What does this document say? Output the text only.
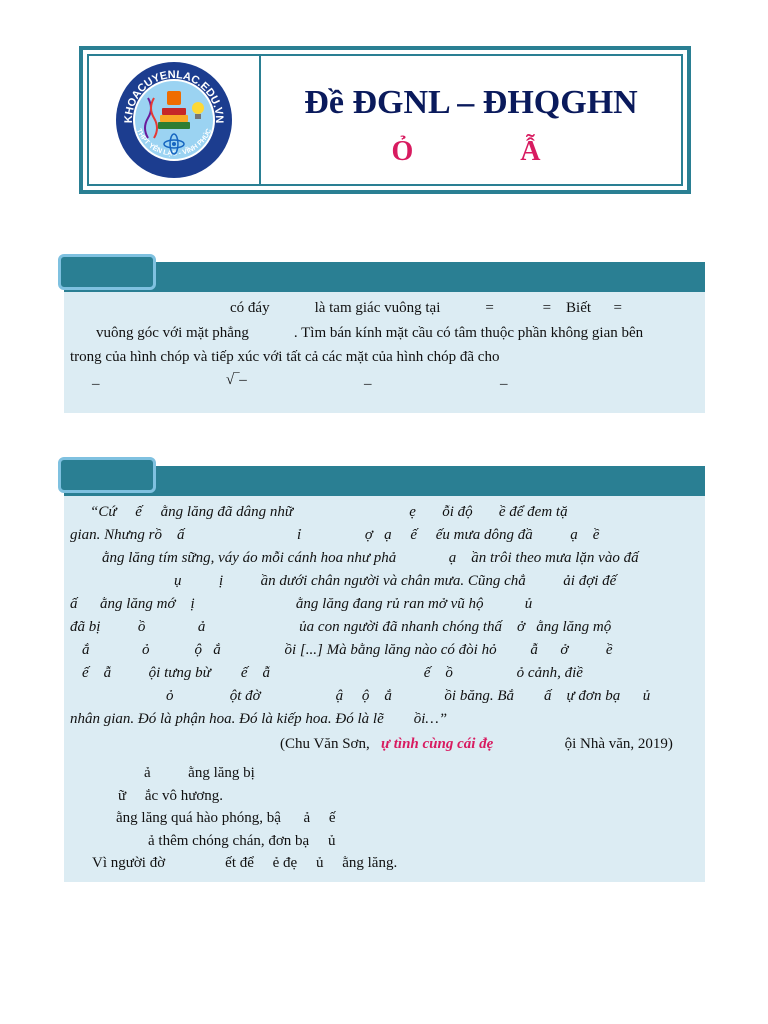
KHOACUYENLAC.EDU.VN
THPT YÊN LẠC - VĨNH PHÚC
Đề ĐGNL – ĐHQGHN
Ỏ Ẫ
có đáy            là tam giác vuông tại            =             =    Biết      =
vuông góc với mặt phẳng            . Tìm bán kính mặt cầu có tâm thuộc phần không gian bên
trong của hình chóp và tiếp xúc với tất cả các mặt của hình chóp đã cho
–	√‾–	–	–
“Cứ     ế     ằng lăng đã dâng nhữ                               ẹ       ỗi độ       ề để đem tặ
gian. Nhưng rồ    ấ                              ỉ                 ợ   ạ     ế     ếu mưa dông đầ          ạ    ề
ằng lăng tím sững, váy áo mỗi cánh hoa như phả              ạ    ần trôi theo mưa lặn vào đấ
ụ          ị          ần dưới chân người và chân mưa. Cũng chẳ          ải đợi đế
ấ      ằng lăng mớ    ị                           ằng lăng đang rủ ran mở vũ hộ           ủ
đã bị          ồ              ả                         ủa con người đã nhanh chóng thấ    ở   ằng lăng mộ
ắ              ỏ            ộ   ắ                 ồi [...] Mà bằng lăng nào có đòi hỏ         ẫ      ở          ề
ế    ẫ          ội tưng bừ        ế    ẫ                                         ế    ồ                 ỏ cảnh, điề
ỏ               ột đờ                    ậ     ộ    ắ              ồi băng. Bắ        ấ    ự đơn bạ      ủ
nhân gian. Đó là phận hoa. Đó là kiếp hoa. Đó là lẽ        ồi…”
(Chu Văn Sơn, ự tình cùng cái đẹ	ội Nhà văn, 2019)
ả          ằng lăng bị
ữ     ắc vô hương.
ằng lăng quá hào phóng, bậ      ả     ế
ả thêm chóng chán, đơn bạ     ủ
Vì người đờ                ết để     ẻ đẹ     ủ     ằng lăng.
